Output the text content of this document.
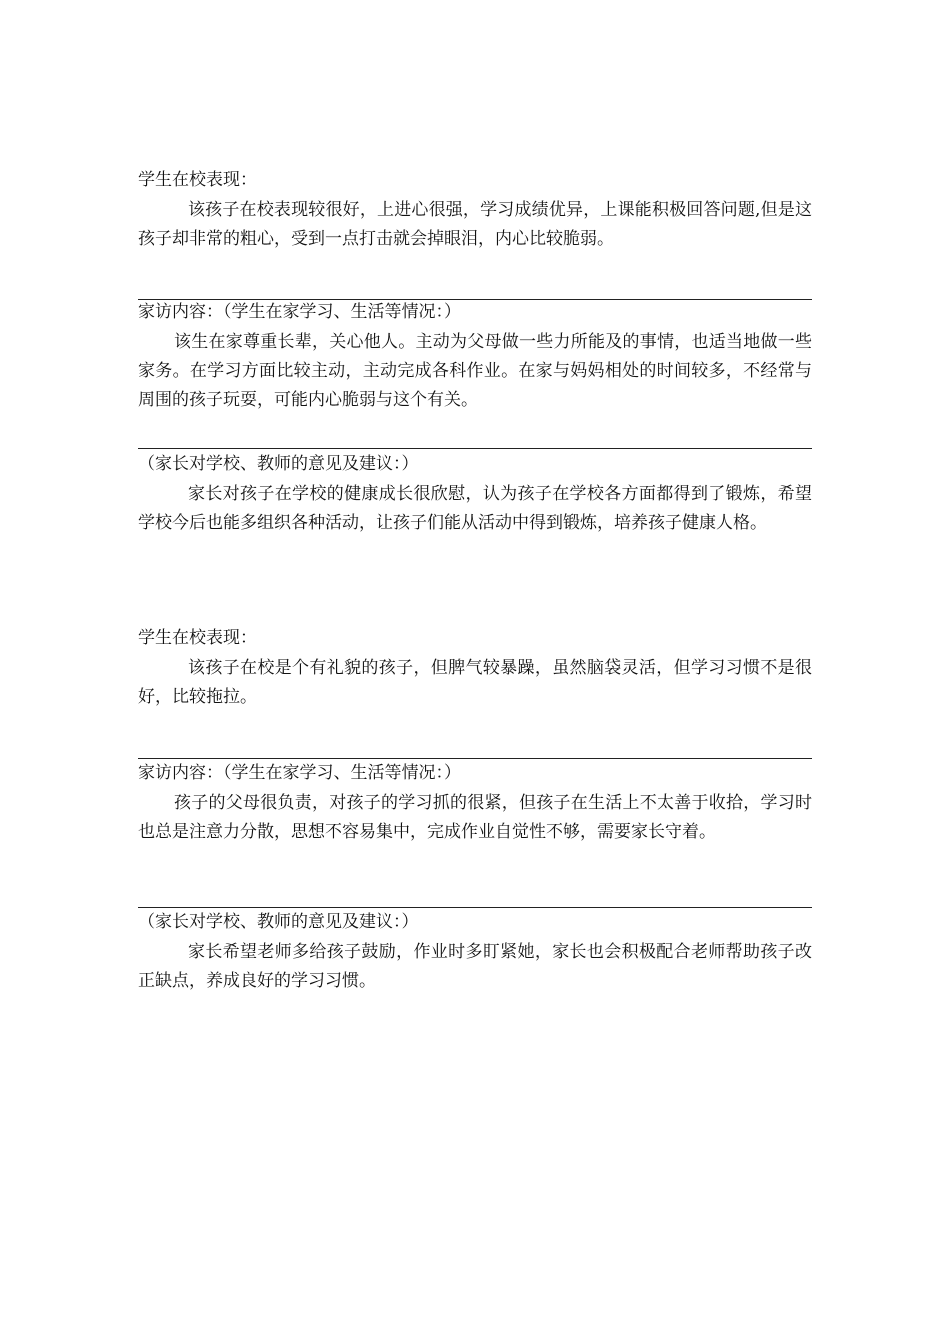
学生在校表现：
该孩子在校表现较很好，上进心很强，学习成绩优异，上课能积极回答问题,但是这孩子却非常的粗心，受到一点打击就会掉眼泪，内心比较脆弱。
家访内容：（学生在家学习、生活等情况：）
该生在家尊重长辈，关心他人。主动为父母做一些力所能及的事情，也适当地做一些家务。在学习方面比较主动，主动完成各科作业。在家与妈妈相处的时间较多，不经常与周围的孩子玩耍，可能内心脆弱与这个有关。
（家长对学校、教师的意见及建议：）
家长对孩子在学校的健康成长很欣慰，认为孩子在学校各方面都得到了锻炼，希望学校今后也能多组织各种活动，让孩子们能从活动中得到锻炼，培养孩子健康人格。
学生在校表现：
该孩子在校是个有礼貌的孩子，但脾气较暴躁，虽然脑袋灵活，但学习习惯不是很好，比较拖拉。
家访内容：（学生在家学习、生活等情况：）
孩子的父母很负责，对孩子的学习抓的很紧，但孩子在生活上不太善于收拾，学习时也总是注意力分散，思想不容易集中，完成作业自觉性不够，需要家长守着。
（家长对学校、教师的意见及建议：）
家长希望老师多给孩子鼓励，作业时多盯紧她，家长也会积极配合老师帮助孩子改正缺点，养成良好的学习习惯。
